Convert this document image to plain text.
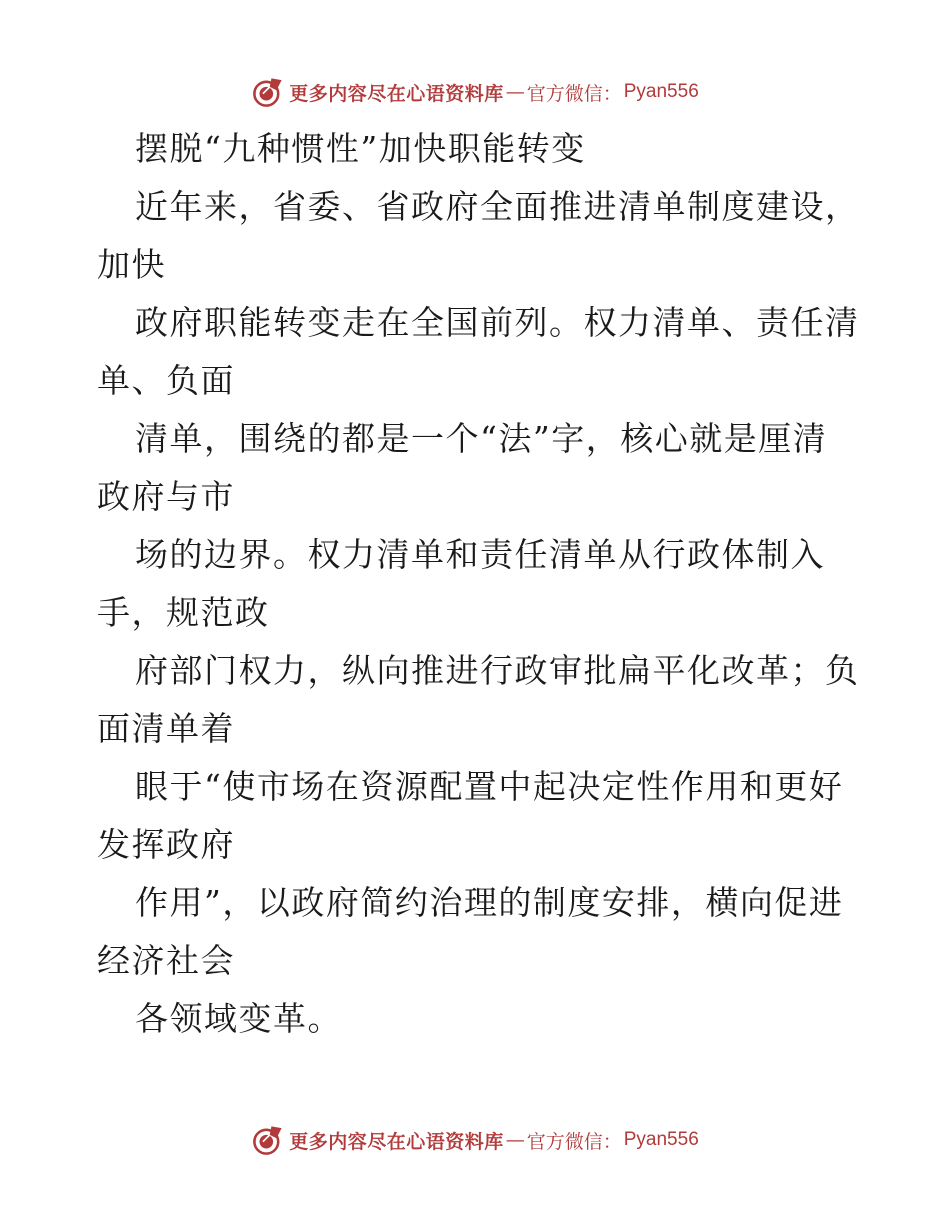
更多内容尽在心语资料库 — 官方微信： Pyan556
摆脱“九种惯性”加快职能转变
近年来，省委、省政府全面推进清单制度建设，
加快
政府职能转变走在全国前列。权力清单、责任清
单、负面
清单，围绕的都是一个“法”字，核心就是厘清
政府与市
场的边界。权力清单和责任清单从行政体制入
手，规范政
府部门权力，纵向推进行政审批扁平化改革；负
面清单着
眼于“使市场在资源配置中起决定性作用和更好
发挥政府
作用”，以政府简约治理的制度安排，横向促进
经济社会
各领域变革。
更多内容尽在心语资料库 — 官方微信： Pyan556
